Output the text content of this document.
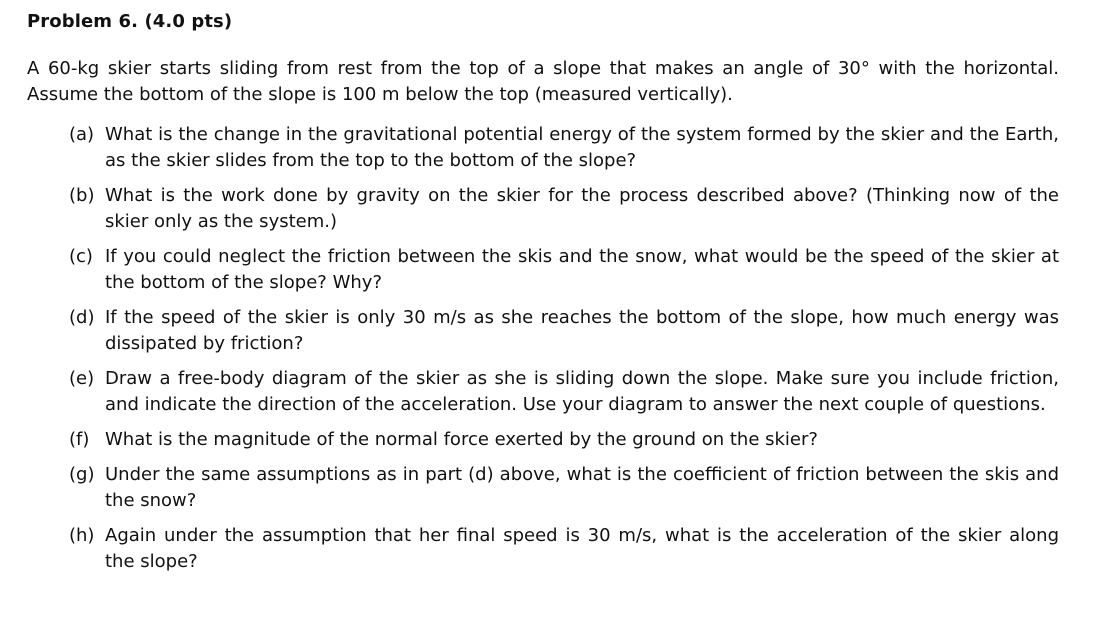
Problem 6. (4.0 pts)
A 60-kg skier starts sliding from rest from the top of a slope that makes an angle of 30° with the horizontal.
Assume the bottom of the slope is 100 m below the top (measured vertically).
(a) What is the change in the gravitational potential energy of the system formed by the skier and the Earth,
as the skier slides from the top to the bottom of the slope?
(b) What is the work done by gravity on the skier for the process described above? (Thinking now of the
skier only as the system.)
(c) If you could neglect the friction between the skis and the snow, what would be the speed of the skier at
the bottom of the slope? Why?
(d) If the speed of the skier is only 30 m/s as she reaches the bottom of the slope, how much energy was
dissipated by friction?
(e) Draw a free-body diagram of the skier as she is sliding down the slope. Make sure you include friction,
and indicate the direction of the acceleration. Use your diagram to answer the next couple of questions.
(f) What is the magnitude of the normal force exerted by the ground on the skier?
(g) Under the same assumptions as in part (d) above, what is the coefficient of friction between the skis and
the snow?
(h) Again under the assumption that her final speed is 30 m/s, what is the acceleration of the skier along
the slope?
